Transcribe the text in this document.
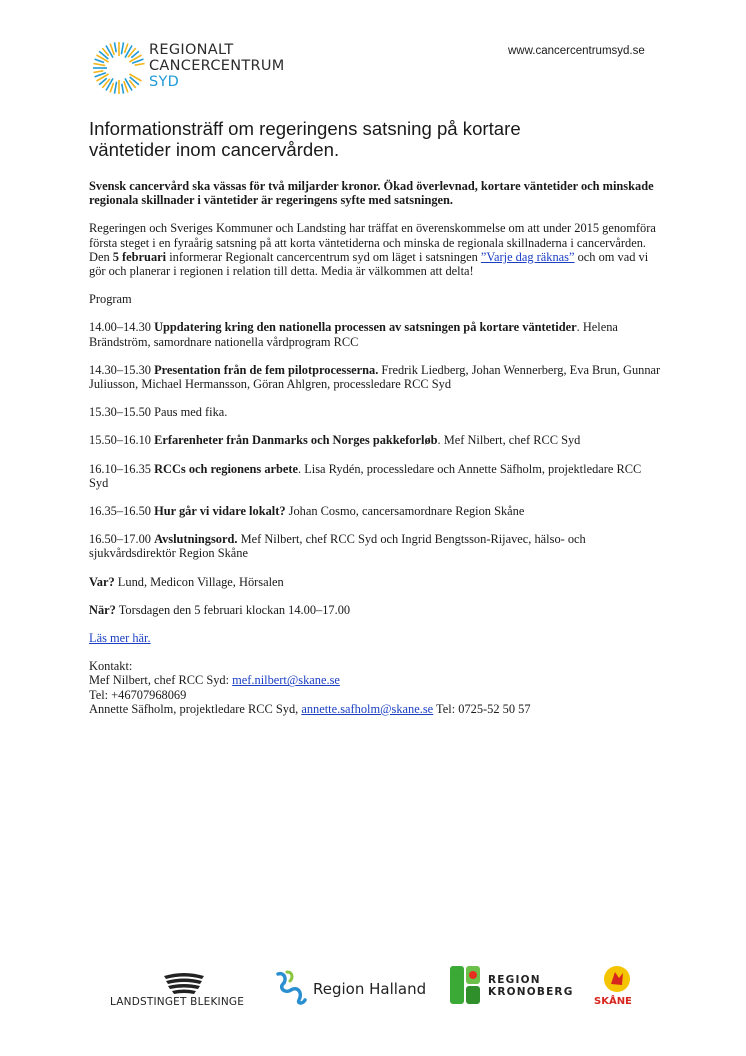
REGIONALT
CANCERCENTRUM
SYD
www.cancercentrumsyd.se
Informationsträff om regeringens satsning på kortare
väntetider inom cancervården.

Svensk cancervård ska vässas för två miljarder kronor. Ökad överlevnad, kortare väntetider och minskade regionala skillnader i väntetider är regeringens syfte med satsningen.

Regeringen och Sveriges Kommuner och Landsting har träffat en överenskommelse om att under 2015 genomföra första steget i en fyraårig satsning på att korta väntetiderna och minska de regionala skillnaderna i cancervården. Den 5 februari informerar Regionalt cancercentrum syd om läget i satsningen ”Varje dag räknas” och om vad vi gör och planerar i regionen i relation till detta. Media är välkommen att delta!

Program

14.00–14.30 Uppdatering kring den nationella processen av satsningen på kortare väntetider. Helena Brändström, samordnare nationella vårdprogram RCC

14.30–15.30 Presentation från de fem pilotprocesserna. Fredrik Liedberg, Johan Wennerberg, Eva Brun, Gunnar Juliusson, Michael Hermansson, Göran Ahlgren, processledare RCC Syd

15.30–15.50 Paus med fika.

15.50–16.10 Erfarenheter från Danmarks och Norges pakkeforløb. Mef Nilbert, chef RCC Syd

16.10–16.35 RCCs och regionens arbete. Lisa Rydén, processledare och Annette Säfholm, projektledare RCC Syd

16.35–16.50 Hur går vi vidare lokalt? Johan Cosmo, cancersamordnare Region Skåne

16.50–17.00 Avslutningsord. Mef Nilbert, chef RCC Syd och Ingrid Bengtsson-Rijavec, hälso- och sjukvårdsdirektör Region Skåne

Var? Lund, Medicon Village, Hörsalen

När? Torsdagen den 5 februari klockan 14.00–17.00

Läs mer här.

Kontakt:

Mef Nilbert, chef RCC Syd: mef.nilbert@skane.se

Tel: +46707968069

Annette Säfholm, projektledare RCC Syd, annette.safholm@skane.se Tel: 0725-52 50 57

LANDSTINGET BLEKINGE
Region Halland	REGION
KRONOBERG
SKÅNE
